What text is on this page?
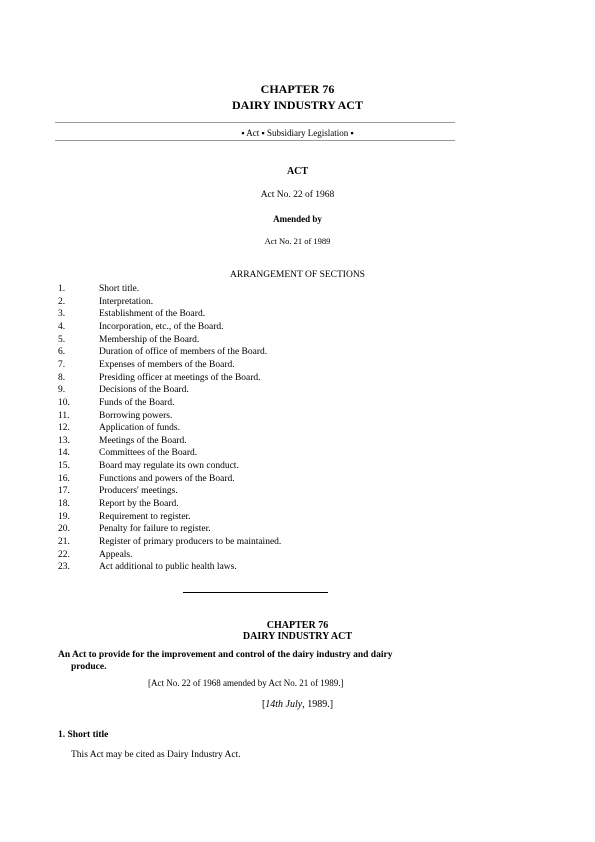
CHAPTER 76
DAIRY INDUSTRY ACT
▪ Act ▪ Subsidiary Legislation ▪
ACT
Act No. 22 of 1968
Amended by
Act No. 21 of 1989
ARRANGEMENT OF SECTIONS
1.	Short title.
2.	Interpretation.
3.	Establishment of the Board.
4.	Incorporation, etc., of the Board.
5.	Membership of the Board.
6.	Duration of office of members of the Board.
7.	Expenses of members of the Board.
8.	Presiding officer at meetings of the Board.
9.	Decisions of the Board.
10.	Funds of the Board.
11.	Borrowing powers.
12.	Application of funds.
13.	Meetings of the Board.
14.	Committees of the Board.
15.	Board may regulate its own conduct.
16.	Functions and powers of the Board.
17.	Producers' meetings.
18.	Report by the Board.
19.	Requirement to register.
20.	Penalty for failure to register.
21.	Register of primary producers to be maintained.
22.	Appeals.
23.	Act additional to public health laws.
CHAPTER 76
DAIRY INDUSTRY ACT
An Act to provide for the improvement and control of the dairy industry and dairy
produce.
[Act No. 22 of 1968 amended by Act No. 21 of 1989.]
[14th July, 1989.]
1. Short title
This Act may be cited as Dairy Industry Act.
